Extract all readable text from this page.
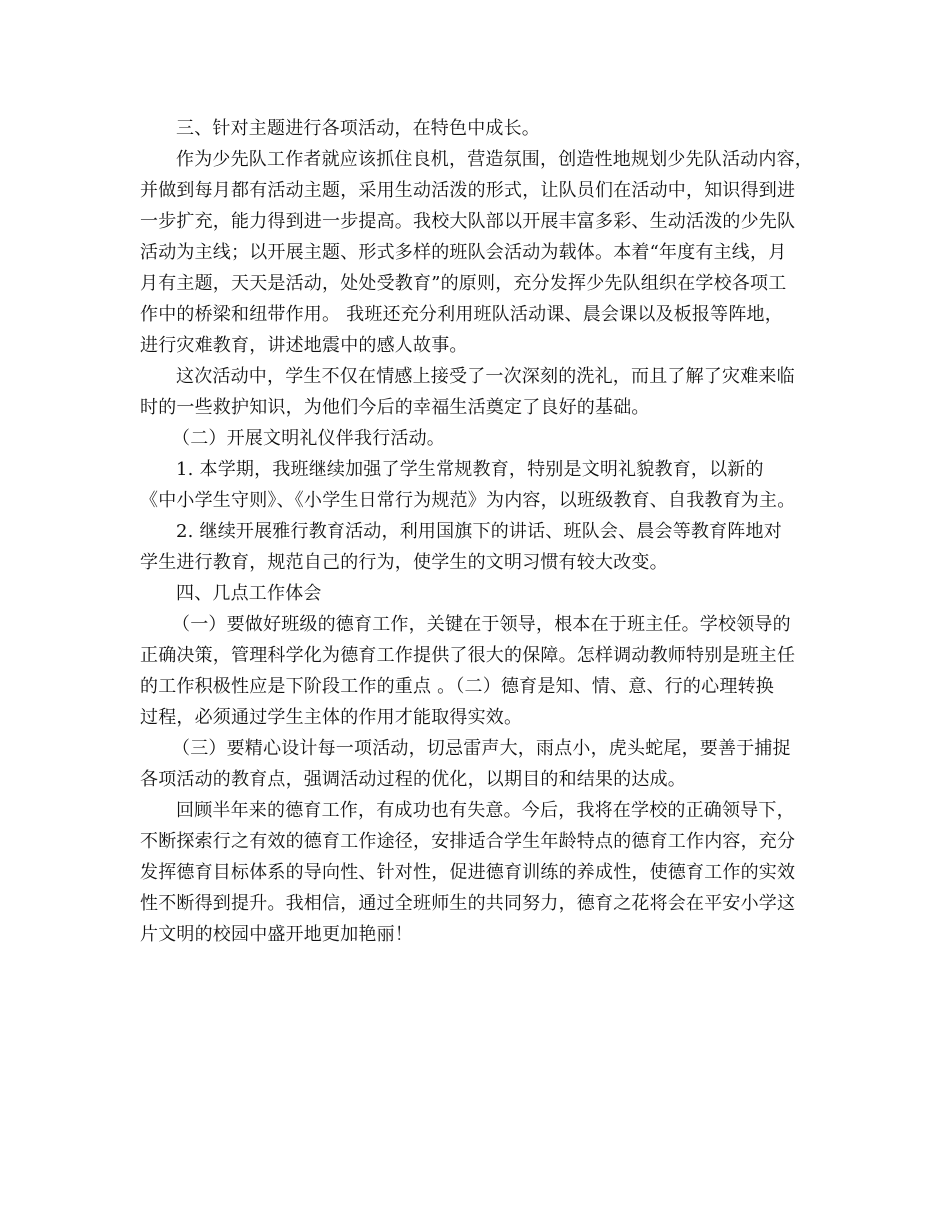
三、针对主题进行各项活动，在特色中成长。
作为少先队工作者就应该抓住良机，营造氛围，创造性地规划少先队活动内容，
并做到每月都有活动主题，采用生动活泼的形式，让队员们在活动中，知识得到进
一步扩充，能力得到进一步提高。我校大队部以开展丰富多彩、生动活泼的少先队
活动为主线；以开展主题、形式多样的班队会活动为载体。本着“年度有主线，月
月有主题，天天是活动，处处受教育”的原则，充分发挥少先队组织在学校各项工
作中的桥梁和纽带作用。 我班还充分利用班队活动课、晨会课以及板报等阵地，
进行灾难教育，讲述地震中的感人故事。
这次活动中，学生不仅在情感上接受了一次深刻的洗礼，而且了解了灾难来临
时的一些救护知识，为他们今后的幸福生活奠定了良好的基础。
（二）开展文明礼仪伴我行活动。
1. 本学期，我班继续加强了学生常规教育，特别是文明礼貌教育，以新的
《中小学生守则》、《小学生日常行为规范》为内容，以班级教育、自我教育为主。
2. 继续开展雅行教育活动，利用国旗下的讲话、班队会、晨会等教育阵地对
学生进行教育，规范自己的行为，使学生的文明习惯有较大改变。
四、几点工作体会
（一）要做好班级的德育工作，关键在于领导，根本在于班主任。学校领导的
正确决策，管理科学化为德育工作提供了很大的保障。怎样调动教师特别是班主任
的工作积极性应是下阶段工作的重点 。（二）德育是知、情、意、行的心理转换
过程，必须通过学生主体的作用才能取得实效。
（三）要精心设计每一项活动，切忌雷声大，雨点小，虎头蛇尾，要善于捕捉
各项活动的教育点，强调活动过程的优化，以期目的和结果的达成。
回顾半年来的德育工作，有成功也有失意。今后，我将在学校的正确领导下，
不断探索行之有效的德育工作途径，安排适合学生年龄特点的德育工作内容，充分
发挥德育目标体系的导向性、针对性，促进德育训练的养成性，使德育工作的实效
性不断得到提升。我相信，通过全班师生的共同努力，德育之花将会在平安小学这
片文明的校园中盛开地更加艳丽！
